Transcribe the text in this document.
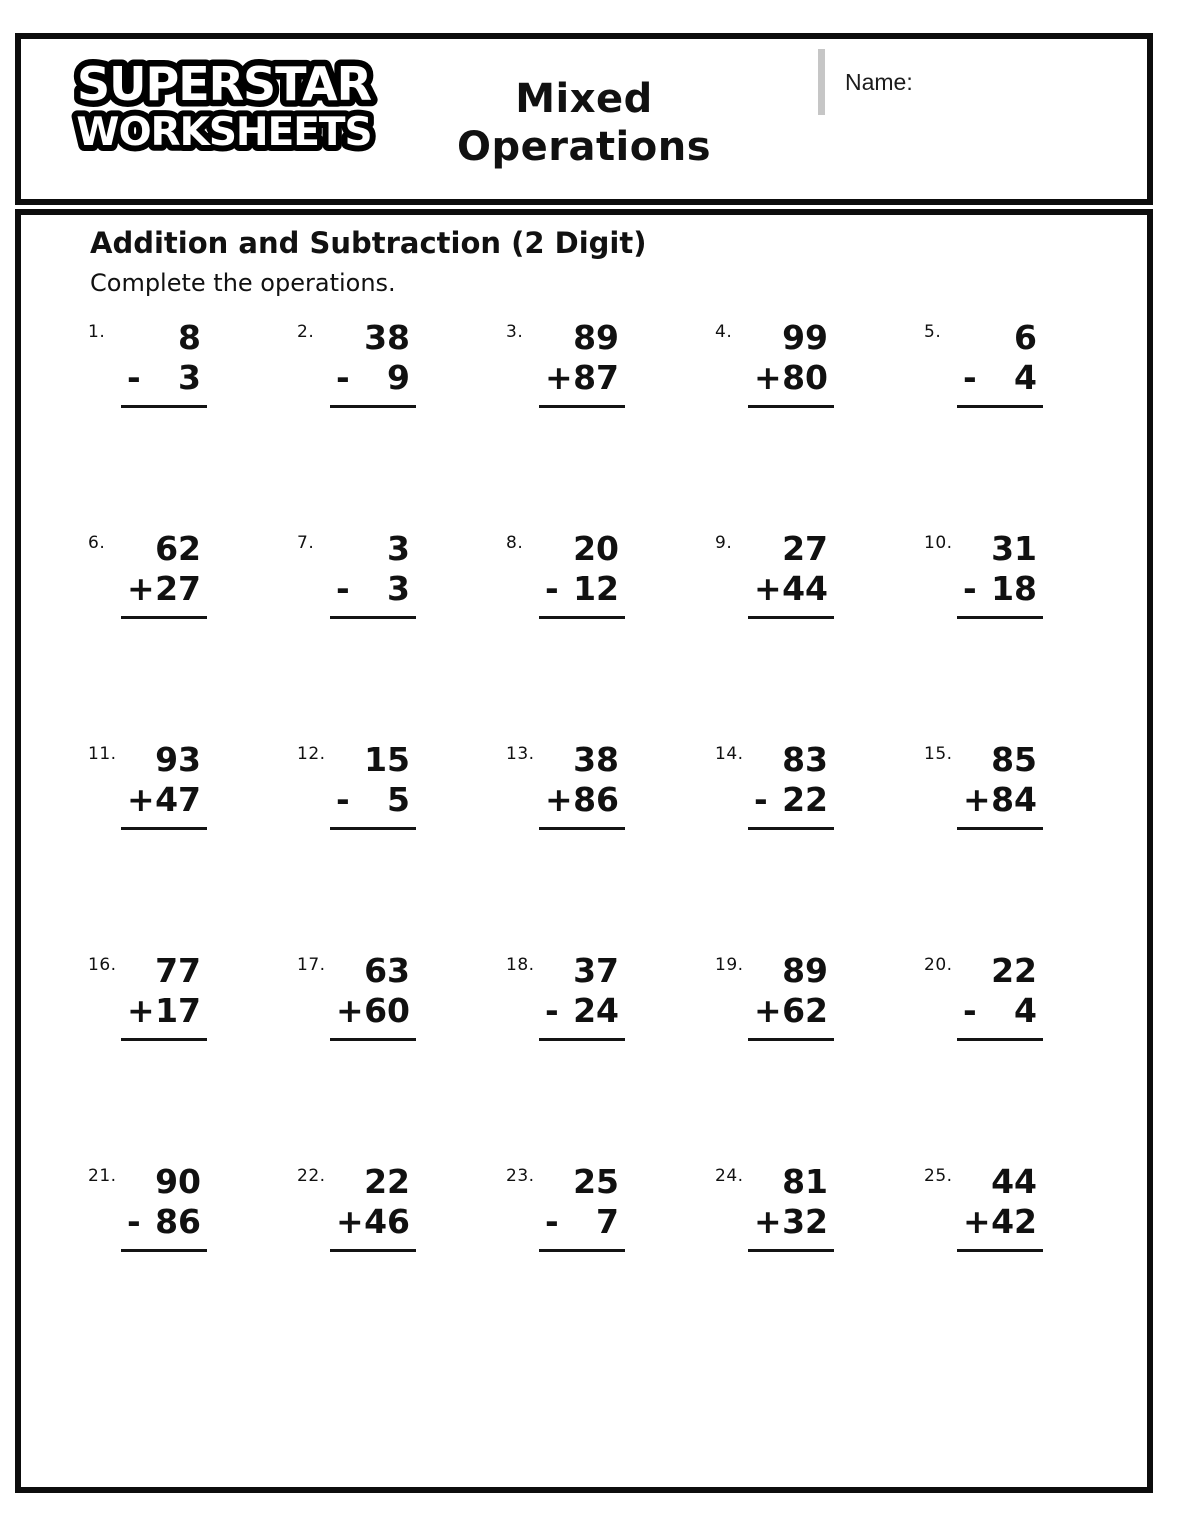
SUPERSTAR
WORKSHEETS
Mixed
Operations
Name:
Addition and Subtraction (2 Digit)
Complete the operations.
1.	8
- 3
2.	38
- 9
3.	89
+ 87
4.	99
+ 80
5.	6
- 4
6.	62
+ 27
7.	3
- 3
8.	20
- 12
9.	27
+ 44
10.	31
- 18
11.	93
+ 47
12.	15
- 5
13.	38
+ 86
14.	83
- 22
15.	85
+ 84
16.	77
+ 17
17.	63
+ 60
18.	37
- 24
19.	89
+ 62
20.	22
- 4
21.	90
- 86
22.	22
+ 46
23.	25
- 7
24.	81
+ 32
25.	44
+ 42
